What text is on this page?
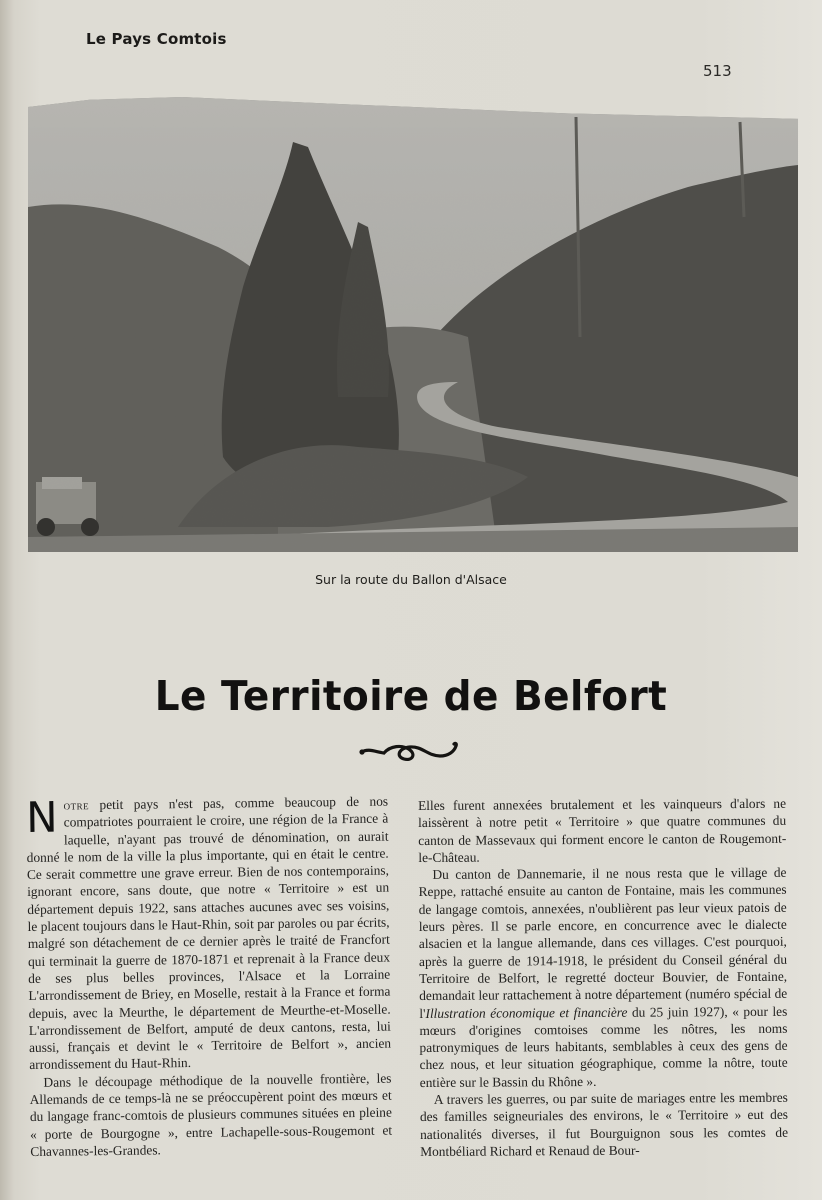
Le Pays Comtois
513
Sur la route du Ballon d'Alsace
Le Territoire de Belfort

Notre petit pays n'est pas, comme beaucoup de nos compatriotes pourraient le croire, une région de la France à laquelle, n'ayant pas trouvé de dénomination, on aurait donné le nom de la ville la plus importante, qui en était le centre. Ce serait commettre une grave erreur. Bien de nos contemporains, ignorant encore, sans doute, que notre « Territoire » est un département depuis 1922, sans attaches aucunes avec ses voisins, le placent toujours dans le Haut-Rhin, soit par paroles ou par écrits, malgré son détachement de ce dernier après le traité de Francfort qui terminait la guerre de 1870-1871 et reprenait à la France deux de ses plus belles provinces, l'Alsace et la Lorraine L'arrondissement de Briey, en Moselle, restait à la France et forma depuis, avec la Meurthe, le département de Meurthe-et-Moselle. L'arrondissement de Belfort, amputé de deux cantons, resta, lui aussi, français et devint le « Territoire de Belfort », ancien arrondissement du Haut-Rhin.

Dans le découpage méthodique de la nouvelle frontière, les Allemands de ce temps-là ne se préoccupèrent point des mœurs et du langage franc-comtois de plusieurs communes situées en pleine « porte de Bourgogne », entre Lachapelle-sous-Rougemont et Chavannes-les-Grandes.

Elles furent annexées brutalement et les vainqueurs d'alors ne laissèrent à notre petit « Territoire » que quatre communes du canton de Massevaux qui forment encore le canton de Rougemont-le-Château.

Du canton de Dannemarie, il ne nous resta que le village de Reppe, rattaché ensuite au canton de Fontaine, mais les communes de langage comtois, annexées, n'oublièrent pas leur vieux patois de leurs pères. Il se parle encore, en concurrence avec le dialecte alsacien et la langue allemande, dans ces villages. C'est pourquoi, après la guerre de 1914-1918, le président du Conseil général du Territoire de Belfort, le regretté docteur Bouvier, de Fontaine, demandait leur rattachement à notre département (numéro spécial de l'Illustration économique et financière du 25 juin 1927), « pour les mœurs d'origines comtoises comme les nôtres, les noms patronymiques de leurs habitants, semblables à ceux des gens de chez nous, et leur situation géographique, comme la nôtre, toute entière sur le Bassin du Rhône ».

A travers les guerres, ou par suite de mariages entre les membres des familles seigneuriales des environs, le « Territoire » eut des nationalités diverses, il fut Bourguignon sous les comtes de Montbéliard Richard et Renaud de Bour-
